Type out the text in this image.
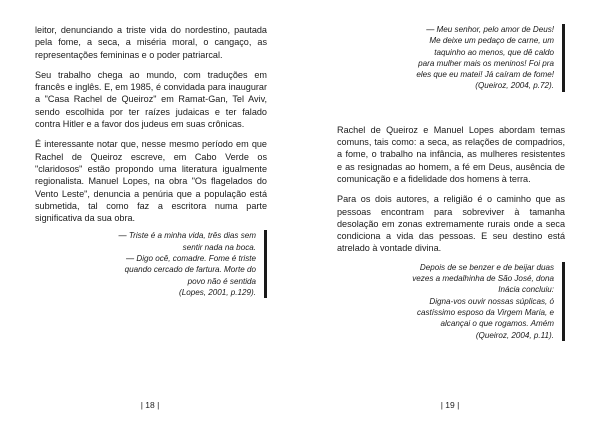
leitor, denunciando a triste vida do nordestino, pautada pela fome, a seca, a miséria moral, o cangaço, as representações femininas e o poder patriarcal.

Seu trabalho chega ao mundo, com traduções em francês e inglês. E, em 1985, é convidada para inaugurar a "Casa Rachel de Queiroz" em Ramat-Gan, Tel Aviv, sendo escolhida por ter raízes judaicas e ter falado contra Hitler e a favor dos judeus em suas crônicas.

É interessante notar que, nesse mesmo período em que Rachel de Queiroz escreve, em Cabo Verde os "claridosos" estão propondo uma literatura igualmente regionalista. Manuel Lopes, na obra "Os flagelados do Vento Leste", denuncia a penúria que a população está submetida, tal como faz a escritora numa parte significativa da sua obra.

— Triste é a minha vida, três dias sem
sentir nada na boca.
— Digo ocê, comadre. Fome é triste
quando cercado de fartura. Morte do
povo não é sentida
(Lopes, 2001, p.129).
| 18 |
— Meu senhor, pelo amor de Deus!
Me deixe um pedaço de carne, um
taquinho ao menos, que dê caldo
para mulher mais os meninos! Foi pra
eles que eu matei! Já caíram de fome!
(Queiroz, 2004, p.72).

Rachel de Queiroz e Manuel Lopes abordam temas comuns, tais como: a seca, as relações de compadrios, a fome, o trabalho na infância, as mulheres resistentes e as resignadas ao homem, a fé em Deus, ausência de comunicação e a fidelidade dos homens à terra.

Para os dois autores, a religião é o caminho que as pessoas encontram para sobreviver à tamanha desolação em zonas extremamente rurais onde a seca condiciona a vida das pessoas. E seu destino está atrelado à vontade divina.

Depois de se benzer e de beijar duas
vezes a medalhinha de São José, dona
Inácia concluiu:
Digna-vos ouvir nossas súplicas, ó
castíssimo esposo da Virgem Maria, e
alcançai o que rogamos. Amém
(Queiroz, 2004, p.11).
| 19 |
